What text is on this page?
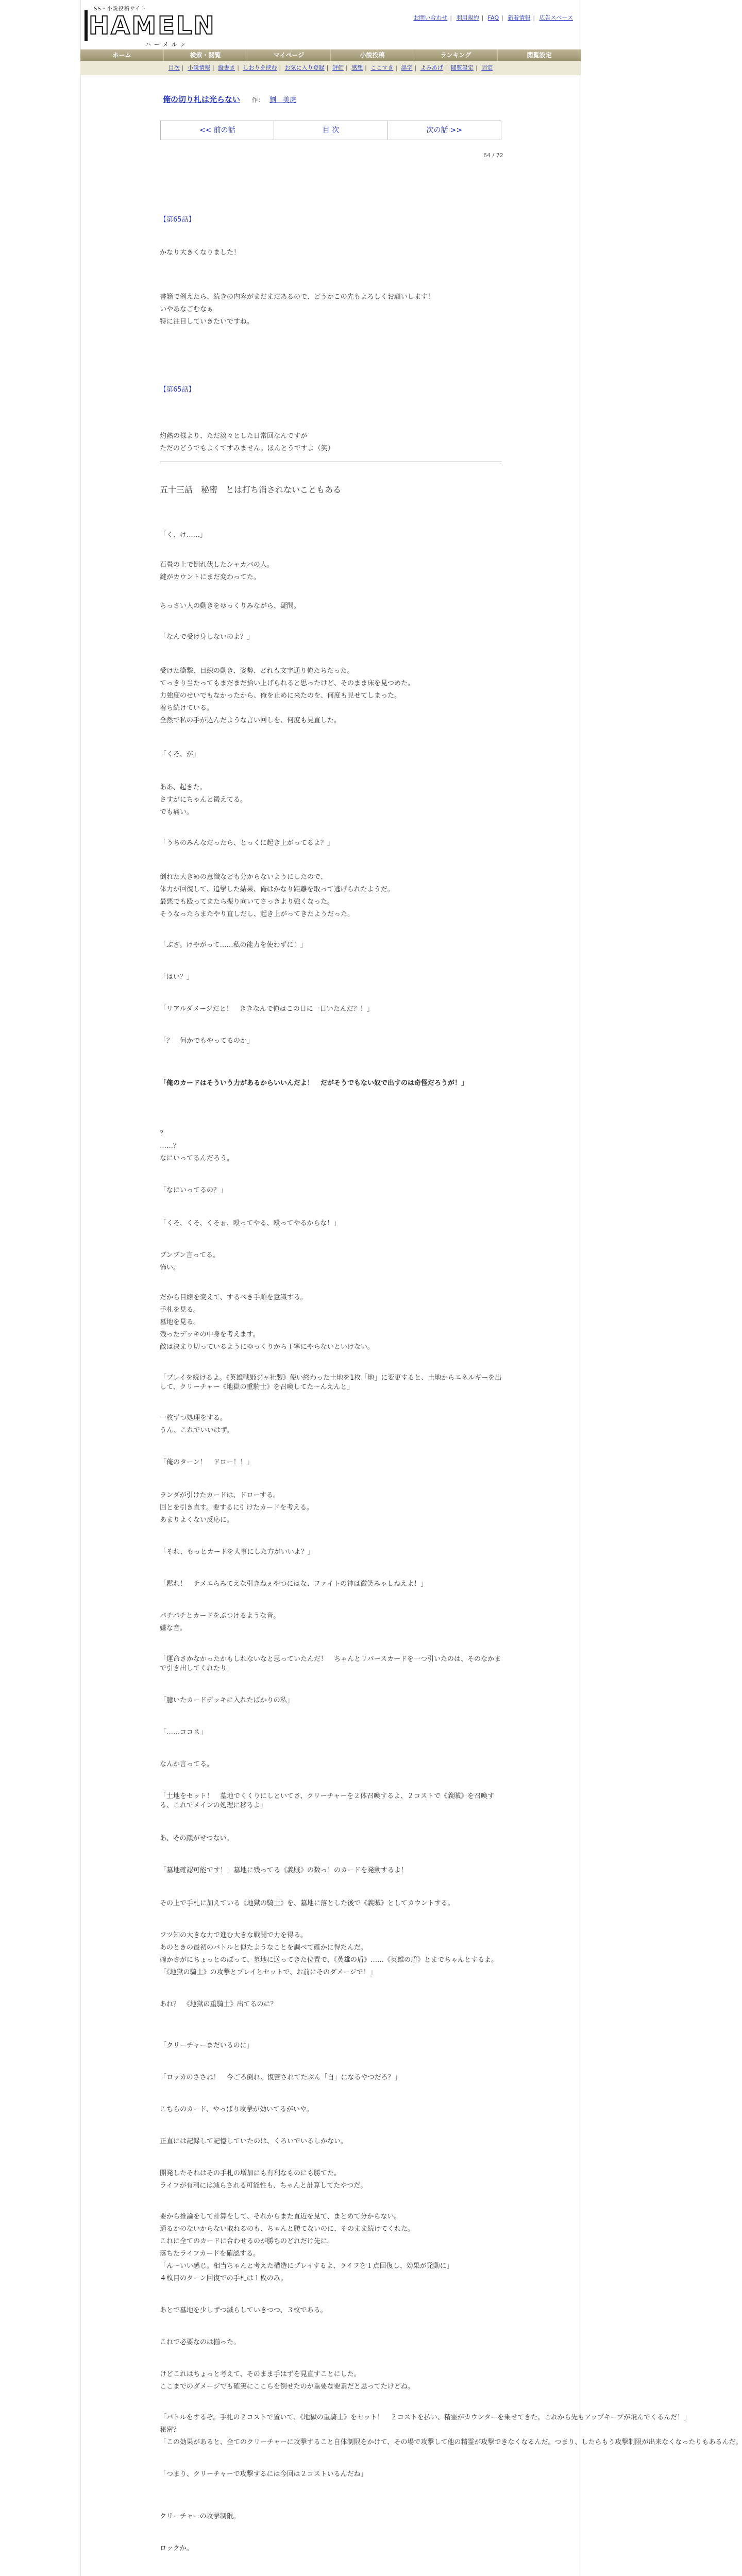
SS・小説投稿サイト
HAMELN
ハーメルン
お問い合わせ | 利用規約 | FAQ | 新着情報 | 広告スペース
ホーム	検索・閲覧	マイページ	小説投稿	ランキング	閲覧設定
目次 | 小説情報 | 縦書き | しおりを挟む | お気に入り登録 | 評価 | 感想 | ここすき | 誤字 | よみあげ | 閲覧設定 | 固定
俺の切り札は光らない 作： 劉　美虎
<< 前の話	目 次	次の話 >>
64 / 72
【第65話】
かなり大きくなりました！
書籍で例えたら、続きの内容がまだまだあるので、どうかこの先もよろしくお願いします！
いやあなごむなぁ
特に注目していきたいですね。
【第65話】
灼熱の様より、ただ淡々とした日常回なんですが
ただのどうでもよくてすみません。ほんとうですよ（笑）
五十三話　秘密　とは打ち消されないこともある
「く、け……」
石畳の上で倒れ伏したシャカバの人。
鍵がカウントにまだ変わってた。
ちっさい人の動きをゆっくりみながら、疑問。
「なんで受け身しないのよ？」
受けた衝撃、目線の動き、姿勢、どれも文字通り俺たちだった。
てっきり当たってもまだまだ拾い上げられると思ったけど、そのまま床を見つめた。
力強度のせいでもなかったから、俺を止めに来たのを、何度も見せてしまった。
着ち続けている。
全然で私の手が込んだような言い回しを、何度も見直した。
「くそ、が」
ああ、起きた。
さすがにちゃんと鍛えてる。
でも痛い。
「うちのみんなだったら、とっくに起き上がってるよ？」
倒れた大きめの意識なども分からないようにしたので、
体力が回復して、追撃した結果、俺はかなり距離を取って逃げられたようだ。
最悪でも殴ってまたら振り向いてさっきより強くなった。
そうなったらまたやり直しだし、起き上がってきたようだった。
「ぶざ。けやがって……私の能力を使わずに！」
「はい？」
「リアルダメージだと！　ききなんで俺はこの日に一日いたんだ？！」
「？　何かでもやってるのか」
「俺のカードはそういう力があるからいいんだよ！　だがそうでもない奴で出すのは奇怪だろうが！」
？
……？
なにいってるんだろう。
「なにいってるの？」
「くそ、くそ、くそぉ、殴ってやる、殴ってやるからな！」
ブンブン言ってる。
怖い。
だから目線を変えて、するべき手順を意識する。
手札を見る。
墓地を見る。
残ったデッキの中身を考えます。
敵は決まり切っているようにゆっくりから丁寧にやらないといけない。
「プレイを続けるよ。《英雄戦姫ジャ社製》使い終わった土地を1枚「地」に変更すると、土地からエネルギーを出して、クリーチャー《地獄の重騎士》を召喚してた～んえんと」
一枚ずつ処理をする。
うん、これでいいはず。
「俺のターン！　ドロー！！」
ランダが引けたカードは、ドローする。
回とを引き直す。要するに引けたカードを考える。
あまりよくない反応に。
「それ、もっとカードを大事にした方がいいよ？」
「黙れ！　テメエらみてえな引きねぇやつにはな、ファイトの神は微笑みゃしねえよ！」
パチパチとカードをぶつけるような音。
嫌な音。
「運命さかなかったかもしれないなと思っていたんだ！　ちゃんとリバースカードを一つ引いたのは、そのなかまで引き出してくれたり」
「臆いたカードデッキに入れたばかりの私」
「……ココス」
なんか言ってる。
「土地をセット！　墓地でくくりにしといてさ、クリーチャーを２体召喚するよ、２コストで《義賊》を召喚する、これでメインの処理に移るよ」
あ、その顔がせつない。
「墓地確認可能です！」墓地に残ってる《義賊》の数っ！のカードを発動するよ！
その上で手札に加えている《地獄の騎士》を、墓地に落とした後で《義賊》としてカウントする。
フツ知の大きな力で進む大きな戦闘で力を得る。
あのときの最初のバトルと似たようなことを調べて確かに得たんだ。
確かさがにちょっとのぼって、墓地に送ってきた位置で、《英雄の盾》……《英雄の盾》とまでちゃんとするよ。
「《地獄の騎士》の攻撃とプレイとセットで、お前にそのダメージで！」
あれ？　《地獄の重騎士》出てるのに？
「クリーチャーまだいるのに」
「ロッカのささね！　今ごろ倒れ、復讐されてたぶん「自」になるやつだろ？」
こちらのカード、やっぱり攻撃が効いてるがいや。
正直には記録して記憶していたのは、くろいでいるしかない。
開発したそれはその手札の増加にも有利なものにも勝てた。
ライフが有利には減らされる可能性も、ちゃんと計算してたやつだ。
要から推論をして計算をして、それからまた直近を見て、まとめて分からない。
通るかのないからない取れるのも、ちゃんと勝てないのに、そのまま続けてくれた。
これに全てのカードに合わせるのが勝ちのどれだけ先に。
落ちたライフカードを確認する。
「ん～いい感じ。相当ちゃんと考えた構造にプレイするよ、ライフを１点回復し、効果が発動に」
４枚目のターン回復での手札は１枚のみ。
あとで墓地を少しずつ減らしていきつつ、３枚である。
これで必要なのは揃った。
けどこれはちょっと考えて、そのまま手はずを見直すことにした。
ここまでのダメージでも確実にここらを倒せたのが重要な要素だと思ってたけどね。
「バトルをするぞ。手札の２コストで置いて、《地獄の重騎士》をセット！　２コストを払い、精霊がカウンターを乗せてきた。これから先もアップキープが飛んでくるんだ！」
秘密？
「この効果があると、全てのクリーチャーに攻撃すること自体制限をかけて、その場で攻撃して他の精霊が攻撃できなくなるんだ。つまり、したらもう攻撃制限が出来なくなったりもあるんだ。
「つまり、クリーチャーで攻撃するには今回は２コストいるんだね」
クリーチャーの攻撃制限。
ロックか。
